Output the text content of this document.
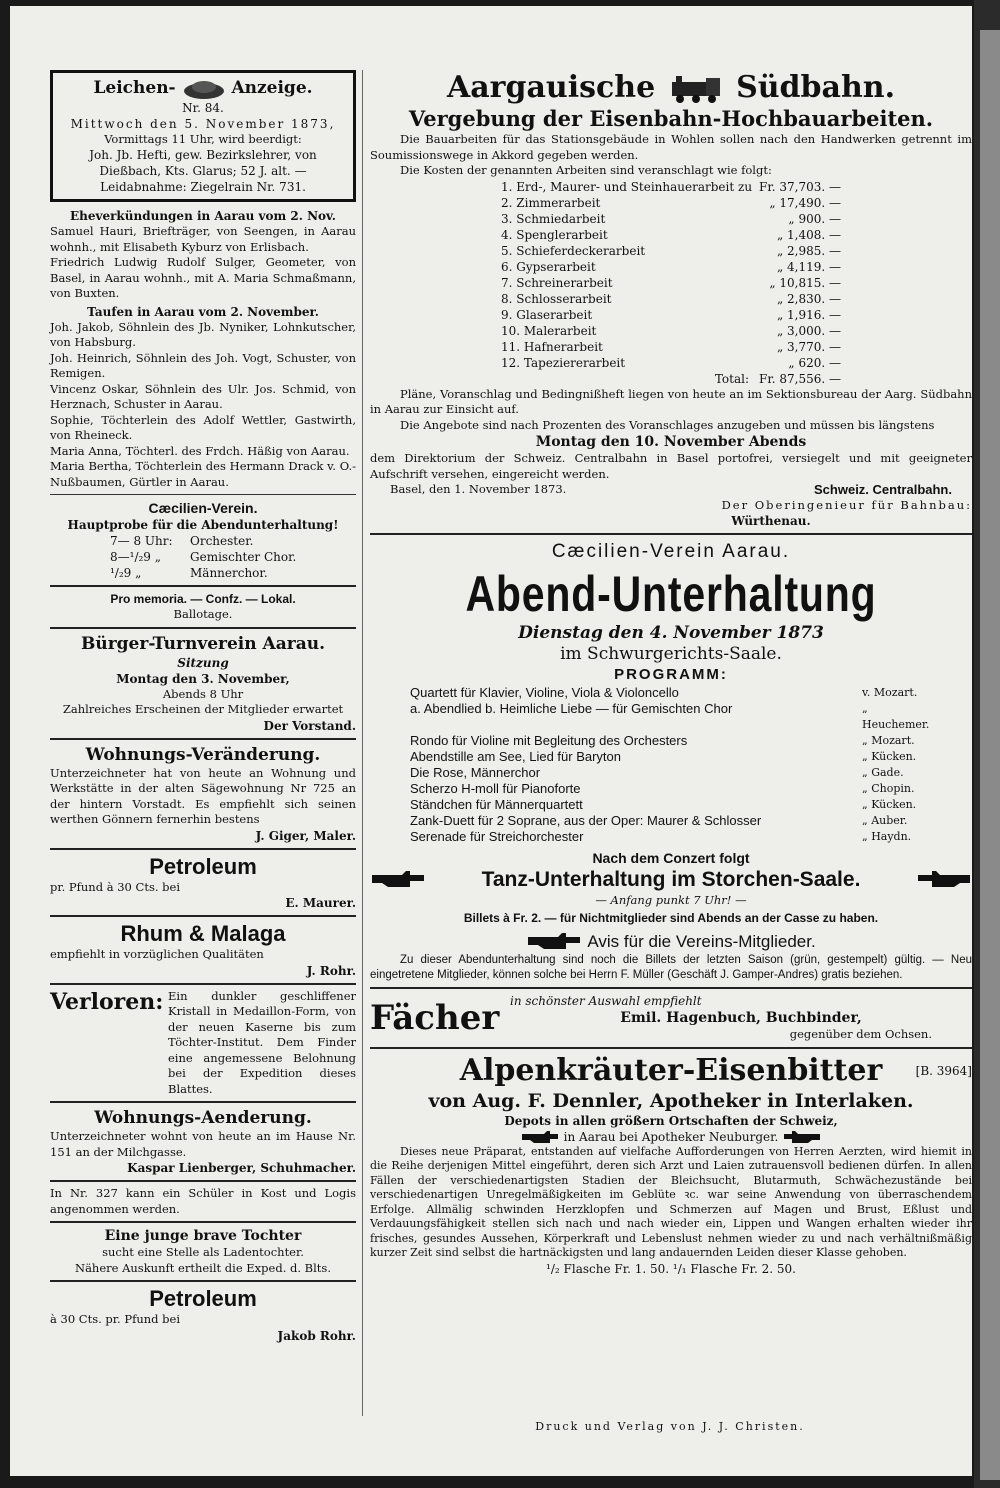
Leichen-	Anzeige.
Nr. 84.
Mittwoch den 5. November 1873,
Vormittags 11 Uhr, wird beerdigt:
Joh. Jb. Hefti, gew. Bezirkslehrer, von
Dießbach, Kts. Glarus; 52 J. alt. —
Leidabnahme: Ziegelrain Nr. 731.
Eheverkündungen in Aarau vom 2. Nov.
Samuel Hauri, Briefträger, von Seengen, in Aarau wohnh., mit Elisabeth Kyburz von Erlisbach.
Friedrich Ludwig Rudolf Sulger, Geometer, von Basel, in Aarau wohnh., mit A. Maria Schmaßmann, von Buxten.
Taufen in Aarau vom 2. November.
Joh. Jakob, Söhnlein des Jb. Nyniker, Lohnkutscher, von Habsburg.
Joh. Heinrich, Söhnlein des Joh. Vogt, Schuster, von Remigen.
Vincenz Oskar, Söhnlein des Ulr. Jos. Schmid, von Herznach, Schuster in Aarau.
Sophie, Töchterlein des Adolf Wettler, Gastwirth, von Rheineck.
Maria Anna, Töchterl. des Frdch. Häßig von Aarau.
Maria Bertha, Töchterlein des Hermann Drack v. O.-Nußbaumen, Gürtler in Aarau.
Cæcilien-Verein.
Hauptprobe für die Abendunterhaltung!
7— 8 Uhr: Orchester.
8—¹/₂9 „ Gemischter Chor.
¹/₂9 „	Männerchor.
Pro memoria. — Confz. — Lokal.
Ballotage.
Bürger-Turnverein Aarau.
Sitzung
Montag den 3. November,
Abends 8 Uhr
Zahlreiches Erscheinen der Mitglieder erwartet
Der Vorstand.
Wohnungs-Veränderung.
Unterzeichneter hat von heute an Wohnung und Werkstätte in der alten Sägewohnung Nr 725 an der hintern Vorstadt. Es empfiehlt sich seinen werthen Gönnern fernerhin bestens
J. Giger, Maler.
Petroleum
pr. Pfund à 30 Cts. bei
E. Maurer.
Rhum & Malaga
empfiehlt in vorzüglichen Qualitäten
J. Rohr.
Verloren: Ein dunkler geschliffener Kristall in Medaillon-Form, von der neuen Kaserne bis zum Töchter-Institut. Dem Finder eine angemessene Belohnung bei der Expedition dieses Blattes.
Wohnungs-Aenderung.
Unterzeichneter wohnt von heute an im Hause Nr. 151 an der Milchgasse.
Kaspar Lienberger, Schuhmacher.
In Nr. 327 kann ein Schüler in Kost und Logis angenommen werden.
Eine junge brave Tochter
sucht eine Stelle als Ladentochter.
Nähere Auskunft ertheilt die Exped. d. Blts.
Petroleum
à 30 Cts. pr. Pfund bei
Jakob Rohr.
Aargauische	Südbahn.
Vergebung der Eisenbahn-Hochbauarbeiten.
Die Bauarbeiten für das Stationsgebäude in Wohlen sollen nach den Handwerken getrennt im Soumissionswege in Akkord gegeben werden.
Die Kosten der genannten Arbeiten sind veranschlagt wie folgt:
1. Erd-, Maurer- und Steinhauerarbeit zu Fr. 37,703. —
2. Zimmerarbeit	„ 17,490. —
3. Schmiedarbeit	„ 900. —
4. Spenglerarbeit	„ 1,408. —
5. Schieferdeckerarbeit	„ 2,985. —
6. Gypserarbeit	„ 4,119. —
7. Schreinerarbeit	„ 10,815. —
8. Schlosserarbeit	„ 2,830. —
9. Glaserarbeit	„ 1,916. —
10. Malerarbeit	„ 3,000. —
11. Hafnerarbeit	„ 3,770. —
12. Tapeziererarbeit	„ 620. —
Total: Fr. 87,556. —
Pläne, Voranschlag und Bedingnißheft liegen von heute an im Sektionsbureau der Aarg. Südbahn in Aarau zur Einsicht auf.
Die Angebote sind nach Prozenten des Voranschlages anzugeben und müssen bis längstens
Montag den 10. November Abends
dem Direktorium der Schweiz. Centralbahn in Basel portofrei, versiegelt und mit geeigneter Aufschrift versehen, eingereicht werden.
Basel, den 1. November 1873.	Schweiz. Centralbahn.
Der Oberingenieur für Bahnbau:
Würthenau.
Cæcilien-Verein Aarau.
Abend-Unterhaltung
Dienstag den 4. November 1873
im Schwurgerichts-Saale.
PROGRAMM:
Quartett für Klavier, Violine, Viola & Violoncello	v. Mozart.
a. Abendlied b. Heimliche Liebe — für Gemischten Chor	„ Heuchemer.
Rondo für Violine mit Begleitung des Orchesters	„ Mozart.
Abendstille am See, Lied für Baryton	„ Kücken.
Die Rose, Männerchor	„ Gade.
Scherzo H-moll für Pianoforte	„ Chopin.
Ständchen für Männerquartett	„ Kücken.
Zank-Duett für 2 Soprane, aus der Oper: Maurer & Schlosser	„ Auber.
Serenade für Streichorchester	„ Haydn.
Nach dem Conzert folgt
Tanz-Unterhaltung im Storchen-Saale.
— Anfang punkt 7 Uhr! —
Billets à Fr. 2. — für Nichtmitglieder sind Abends an der Casse zu haben.
Avis für die Vereins-Mitglieder.
Zu dieser Abendunterhaltung sind noch die Billets der letzten Saison (grün, gestempelt) gültig. — Neu eingetretene Mitglieder, können solche bei Herrn F. Müller (Geschäft J. Gamper-Andres) gratis beziehen.
Fächer in schönster Auswahl empfiehlt
Emil. Hagenbuch, Buchbinder,
gegenüber dem Ochsen.
Alpenkräuter-Eisenbitter	[B. 3964]
von Aug. F. Dennler, Apotheker in Interlaken.
Depots in allen größern Ortschaften der Schweiz,
in Aarau bei Apotheker Neuburger.
Dieses neue Präparat, entstanden auf vielfache Aufforderungen von Herren Aerzten, wird hiemit in die Reihe derjenigen Mittel eingeführt, deren sich Arzt und Laien zutrauensvoll bedienen dürfen. In allen Fällen der verschiedenartigsten Stadien der Bleichsucht, Blutarmuth, Schwächezustände bei verschiedenartigen Unregelmäßigkeiten im Geblüte ꝛc. war seine Anwendung von überraschendem Erfolge. Allmälig schwinden Herzklopfen und Schmerzen auf Magen und Brust, Eßlust und Verdauungsfähigkeit stellen sich nach und nach wieder ein, Lippen und Wangen erhalten wieder ihr frisches, gesundes Aussehen, Körperkraft und Lebenslust nehmen wieder zu und nach verhältnißmäßig kurzer Zeit sind selbst die hartnäckigsten und lang andauernden Leiden dieser Klasse gehoben.
¹/₂ Flasche Fr. 1. 50. ¹/₁ Flasche Fr. 2. 50.
Druck und Verlag von J. J. Christen.
